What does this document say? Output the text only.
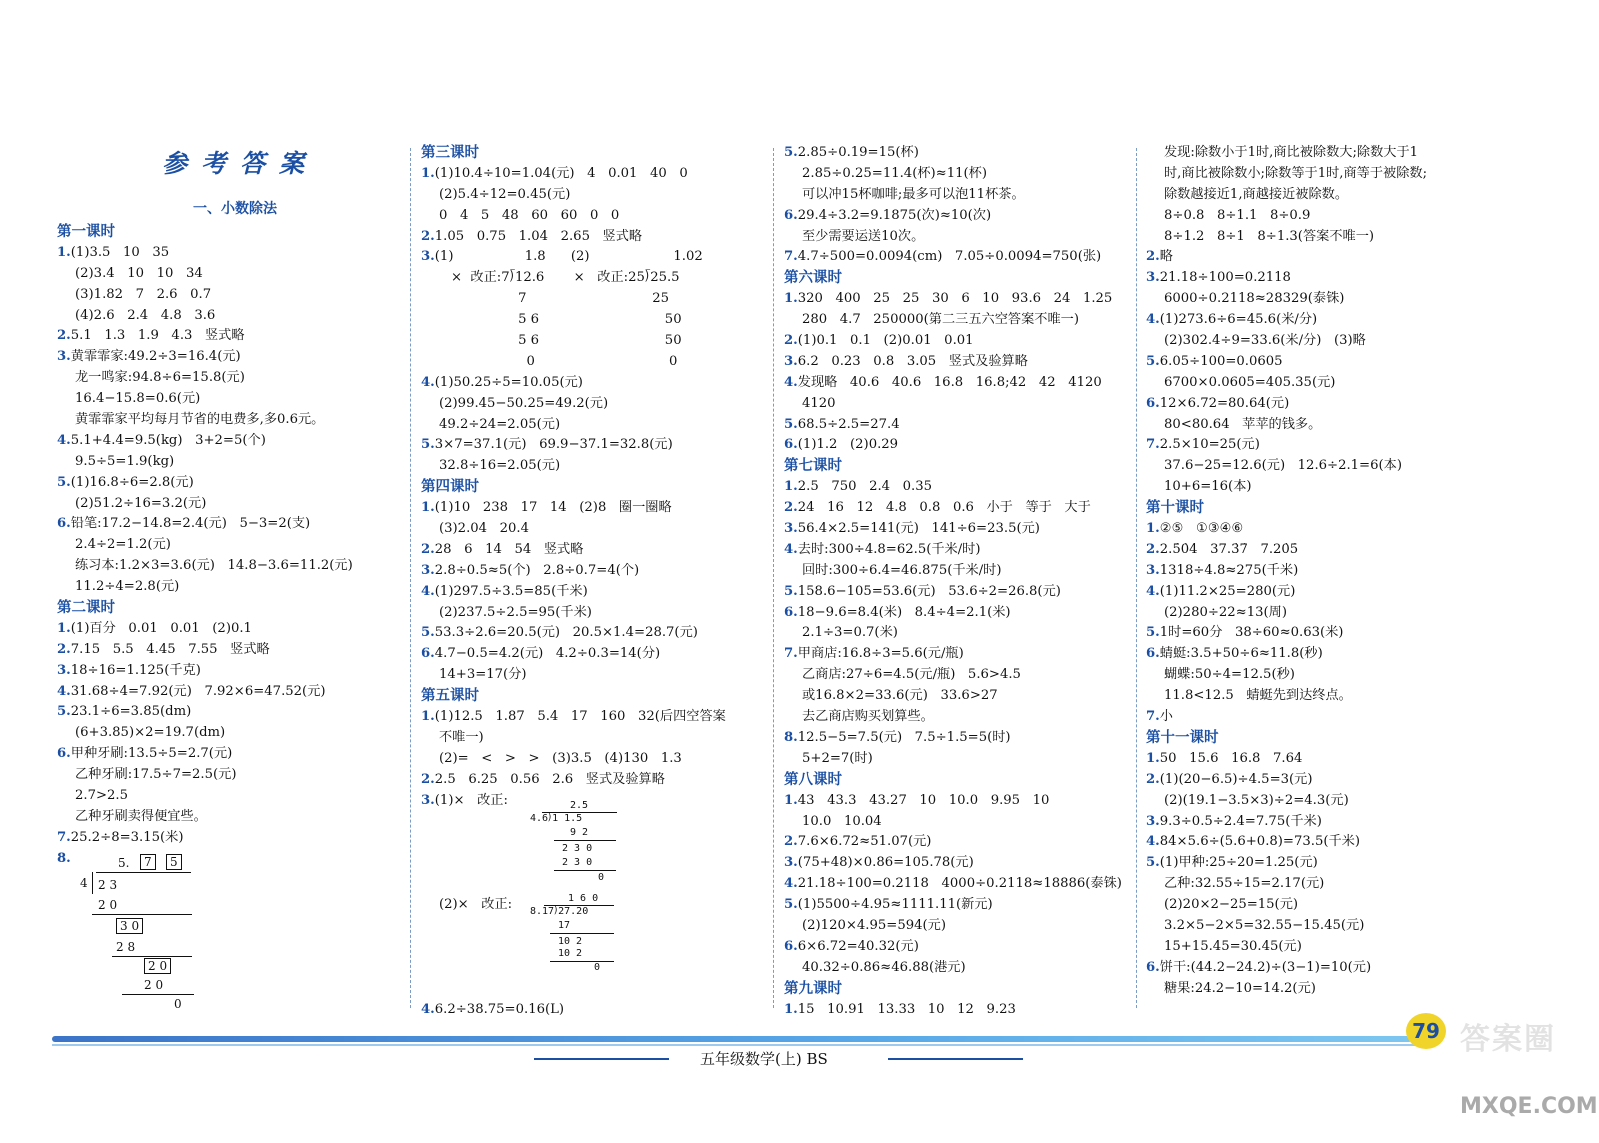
参考答案
一、小数除法
第一课时
1.(1)3.5   10   35
(2)3.4   10   10   34
(3)1.82   7   2.6   0.7
(4)2.6   2.4   4.8   3.6
2.5.1   1.3   1.9   4.3   竖式略
3.黄霏霏家:49.2÷3=16.4(元)
龙一鸣家:94.8÷6=15.8(元)
16.4−15.8=0.6(元)
黄霏霏家平均每月节省的电费多,多0.6元。
4.5.1+4.4=9.5(kg)   3+2=5(个)
9.5÷5=1.9(kg)
5.(1)16.8÷6=2.8(元)
(2)51.2÷16=3.2(元)
6.铅笔:17.2−14.8=2.4(元)   5−3=2(支)
2.4÷2=1.2(元)
练习本:1.2×3=3.6(元)   14.8−3.6=11.2(元)
11.2÷4=2.8(元)
第二课时
1.(1)百分   0.01   0.01   (2)0.1
2.7.15   5.5   4.45   7.55   竖式略
3.18÷16=1.125(千克)
4.31.68÷4=7.92(元)   7.92×6=47.52(元)
5.23.1÷6=3.85(dm)
(6+3.85)×2=19.7(dm)
6.甲种牙刷:13.5÷5=2.7(元)
乙种牙刷:17.5÷7=2.5(元)
2.7>2.5
乙种牙刷卖得便宜些。
7.25.2÷8=3.15(米)
8.
第三课时
1.(1)10.4÷10=1.04(元)   4   0.01   40   0
(2)5.4÷12=0.45(元)
0   4   5   48   60   60   0   0
2.1.05   0.75   1.04   2.65   竖式略
3.(1)                 1.8      (2)                    1.02
×  改正:7⟌12.6       ×   改正:25⟌25.5
7                              25
5 6                              50
5 6                              50
0                                0
4.(1)50.25÷5=10.05(元)
(2)99.45−50.25=49.2(元)
49.2÷24=2.05(元)
5.3×7=37.1(元)   69.9−37.1=32.8(元)
32.8÷16=2.05(元)
第四课时
1.(1)10   238   17   14   (2)8   圈一圈略
(3)2.04   20.4
2.28   6   14   54   竖式略
3.2.8÷0.5≈5(个)   2.8÷0.7=4(个)
4.(1)297.5÷3.5=85(千米)
(2)237.5÷2.5=95(千米)
5.53.3÷2.6=20.5(元)   20.5×1.4=28.7(元)
6.4.7−0.5=4.2(元)   4.2÷0.3=14(分)
14+3=17(分)
第五课时
1.(1)12.5   1.87   5.4   17   160   32(后四空答案
不唯一)
(2)=   <   >   >   (3)3.5   (4)130   1.3
2.2.5   6.25   0.56   2.6   竖式及验算略
3.(1)×   改正:
(2)×   改正:
4.6.2÷38.75=0.16(L)
5.2.85÷0.19=15(杯)
2.85÷0.25=11.4(杯)≈11(杯)
可以冲15杯咖啡;最多可以泡11杯茶。
6.29.4÷3.2=9.1875(次)≈10(次)
至少需要运送10次。
7.4.7÷500=0.0094(cm)   7.05÷0.0094=750(张)
第六课时
1.320   400   25   25   30   6   10   93.6   24   1.25
280   4.7   250000(第二三五六空答案不唯一)
2.(1)0.1   0.1   (2)0.01   0.01
3.6.2   0.23   0.8   3.05   竖式及验算略
4.发现略   40.6   40.6   16.8   16.8;42   42   4120
4120
5.68.5÷2.5=27.4
6.(1)1.2   (2)0.29
第七课时
1.2.5   750   2.4   0.35
2.24   16   12   4.8   0.8   0.6   小于   等于   大于
3.56.4×2.5=141(元)   141÷6=23.5(元)
4.去时:300÷4.8=62.5(千米/时)
回时:300÷6.4=46.875(千米/时)
5.158.6−105=53.6(元)   53.6÷2=26.8(元)
6.18−9.6=8.4(米)   8.4÷4=2.1(米)
2.1÷3=0.7(米)
7.甲商店:16.8÷3=5.6(元/瓶)
乙商店:27÷6=4.5(元/瓶)   5.6>4.5
或16.8×2=33.6(元)   33.6>27
去乙商店购买划算些。
8.12.5−5=7.5(元)   7.5÷1.5=5(时)
5+2=7(时)
第八课时
1.43   43.3   43.27   10   10.0   9.95   10
10.0   10.04
2.7.6×6.72≈51.07(元)
3.(75+48)×0.86=105.78(元)
4.21.18÷100=0.2118   4000÷0.2118≈18886(泰铢)
5.(1)5500÷4.95≈1111.11(新元)
(2)120×4.95=594(元)
6.6×6.72=40.32(元)
40.32÷0.86≈46.88(港元)
第九课时
1.15   10.91   13.33   10   12   9.23
发现:除数小于1时,商比被除数大;除数大于1
时,商比被除数小;除数等于1时,商等于被除数;
除数越接近1,商越接近被除数。
8÷0.8   8÷1.1   8÷0.9
8÷1.2   8÷1   8÷1.3(答案不唯一)
2.略
3.21.18÷100=0.2118
6000÷0.2118≈28329(泰铢)
4.(1)273.6÷6=45.6(米/分)
(2)302.4÷9=33.6(米/分)   (3)略
5.6.05÷100=0.0605
6700×0.0605=405.35(元)
6.12×6.72=80.64(元)
80<80.64   苹苹的钱多。
7.2.5×10=25(元)
37.6−25=12.6(元)   12.6÷2.1=6(本)
10+6=16(本)
第十课时
1.②⑤   ①③④⑥
2.2.5̇0̇4   37.3̇7̇   7.20̇5̇
3.1318÷4.8≈275(千米)
4.(1)11.2×25=280(元)
(2)280÷22≈13(周)
5.1时=60分   38÷60≈0.63(米)
6.蜻蜓:3.5+50÷6≈11.8(秒)
蝴蝶:50÷4=12.5(秒)
11.8<12.5   蜻蜓先到达终点。
7.小
第十一课时
1.50   15.6   16.8   7.64
2.(1)(20−6.5)÷4.5=3(元)
(2)(19.1−3.5×3)÷2=4.3(元)
3.9.3÷0.5÷2.4=7.75(千米)
4.84×5.6÷(5.6+0.8)=73.5(千米)
5.(1)甲种:25÷20=1.25(元)
乙种:32.55÷15=2.17(元)
(2)20×2−25=15(元)
3.2×5−2×5=32.55−15.45(元)
15+15.45=30.45(元)
6.饼干:(44.2−24.2)÷(3−1)=10(元)
糖果:24.2−10=14.2(元)
5.	7	5
4 2 3
2 0
3 0
2 8
2 0
2 0
0
2.5
4.6⟌1 1.5
9 2
2 3 0
2 3 0
0
1 6 0
8.17⟌27.20
17
10 2
10 2
0
79
五年级数学(上) BS
答案圈
MXQE.COM
